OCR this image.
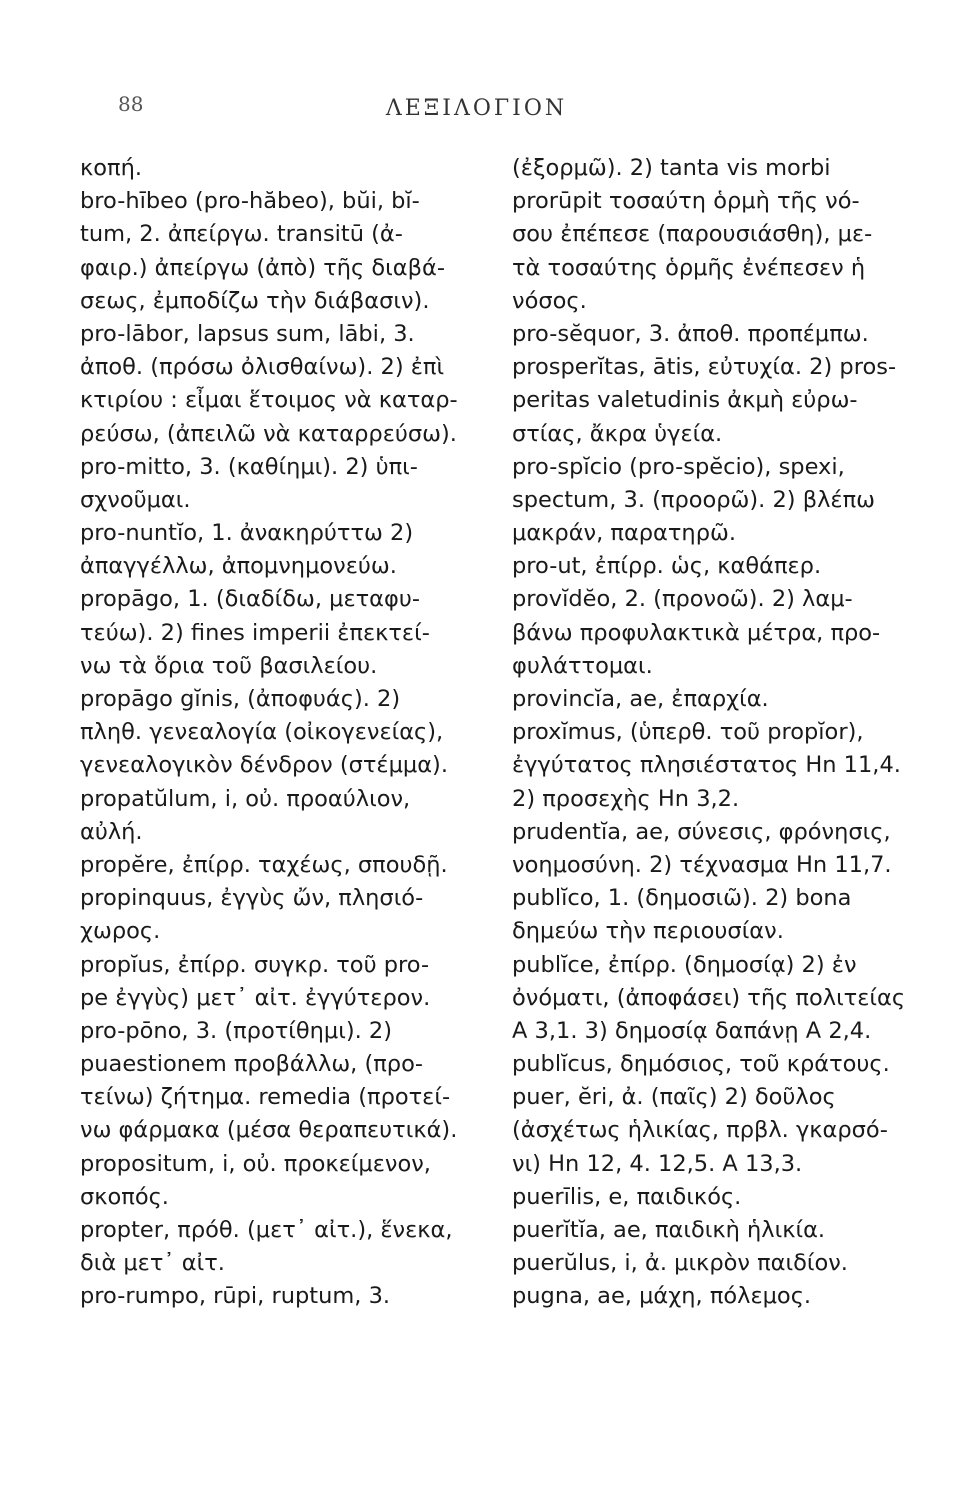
88	ΛΕΞΙΛΟΓΙΟΝ
κοπή.
bro-hībeo (pro-hăbeo), bŭi, bĭ-
tum, 2. ἀπείργω. transitū (ἀ-
φαιρ.) ἀπείργω (ἀπὸ) τῆς διαβά-
σεως, ἐμποδίζω τὴν διάβασιν).
pro-lābor, lapsus sum, lābi, 3.
ἀποθ. (πρόσω ὀλισθαίνω). 2) ἐπὶ
κτιρίου : εἶμαι ἕτοιμος νὰ καταρ-
ρεύσω, (ἀπειλῶ νὰ καταρρεύσω).
pro-mitto, 3. (καθίημι). 2) ὑπι-
σχνοῦμαι.
pro-nuntĭo, 1. ἀνακηρύττω 2)
ἀπαγγέλλω, ἀπομνημονεύω.
propāgo, 1. (διαδίδω, μεταφυ-
τεύω). 2) fines imperii ἐπεκτεί-
νω τὰ ὅρια τοῦ βασιλείου.
propāgo gĭnis, (ἀποφυάς). 2)
πληθ. γενεαλογία (οἰκογενείας),
γενεαλογικὸν δένδρον (στέμμα).
propatŭlum, i, οὐ. προαύλιον,
αὐλή.
propĕre, ἐπίρρ. ταχέως, σπουδῇ.
propinquus, ἐγγὺς ὤν, πλησιό-
χωρος.
propĭus, ἐπίρρ. συγκρ. τοῦ pro-
pe ἐγγὺς) μετ᾽ αἰτ. ἐγγύτερον.
pro-pōno, 3. (προτίθημι). 2)
puaestionem προβάλλω, (προ-
τείνω) ζήτημα. remedia (προτεί-
νω φάρμακα (μέσα θεραπευτικά).
propositum, i, οὐ. προκείμενον,
σκοπός.
propter, πρόθ. (μετ᾽ αἰτ.), ἕνεκα,
διὰ μετ᾽ αἰτ.
pro-rumpo, rūpi, ruptum, 3.
(ἐξορμῶ). 2) tanta vis morbi
prorūpit τοσαύτη ὁρμὴ τῆς νό-
σου ἐπέπεσε (παρουσιάσθη), με-
τὰ τοσαύτης ὁρμῆς ἐνέπεσεν ἡ
νόσος.
pro-sĕquor, 3. ἀποθ. προπέμπω.
prosperĭtas, ātis, εὐτυχία. 2) pros-
peritas valetudinis ἀκμὴ εὐρω-
στίας, ἄκρα ὑγεία.
pro-spĭcio (pro-spĕcio), spexi,
spectum, 3. (προορῶ). 2) βλέπω
μακράν, παρατηρῶ.
pro-ut, ἐπίρρ. ὡς, καθάπερ.
provĭdĕo, 2. (προνοῶ). 2) λαμ-
βάνω προφυλακτικὰ μέτρα, προ-
φυλάττομαι.
provincĭa, ae, ἐπαρχία.
proxĭmus, (ὑπερθ. τοῦ propĭor),
ἐγγύτατος πλησιέστατος Ηn 11,4.
2) προσεχὴς Ηn 3,2.
prudentĭa, ae, σύνεσις, φρόνησις,
νοημοσύνη. 2) τέχνασμα Ηn 11,7.
publĭco, 1. (δημοσιῶ). 2) bona
δημεύω τὴν περιουσίαν.
publĭce, ἐπίρρ. (δημοσίᾳ) 2) ἐν
ὀνόματι, (ἀποφάσει) τῆς πολιτείας
Α 3,1. 3) δημοσίᾳ δαπάνῃ Α 2,4.
publĭcus, δημόσιος, τοῦ κράτους.
puer, ĕri, ἀ. (παῖς) 2) δοῦλος
(ἀσχέτως ἡλικίας, πρβλ. γκαρσό-
νι) Ηn 12, 4. 12,5. Α 13,3.
puerīlis, e, παιδικός.
puerĭtĭa, ae, παιδικὴ ἡλικία.
puerŭlus, i, ἀ. μικρὸν παιδίον.
pugna, ae, μάχη, πόλεμος.
